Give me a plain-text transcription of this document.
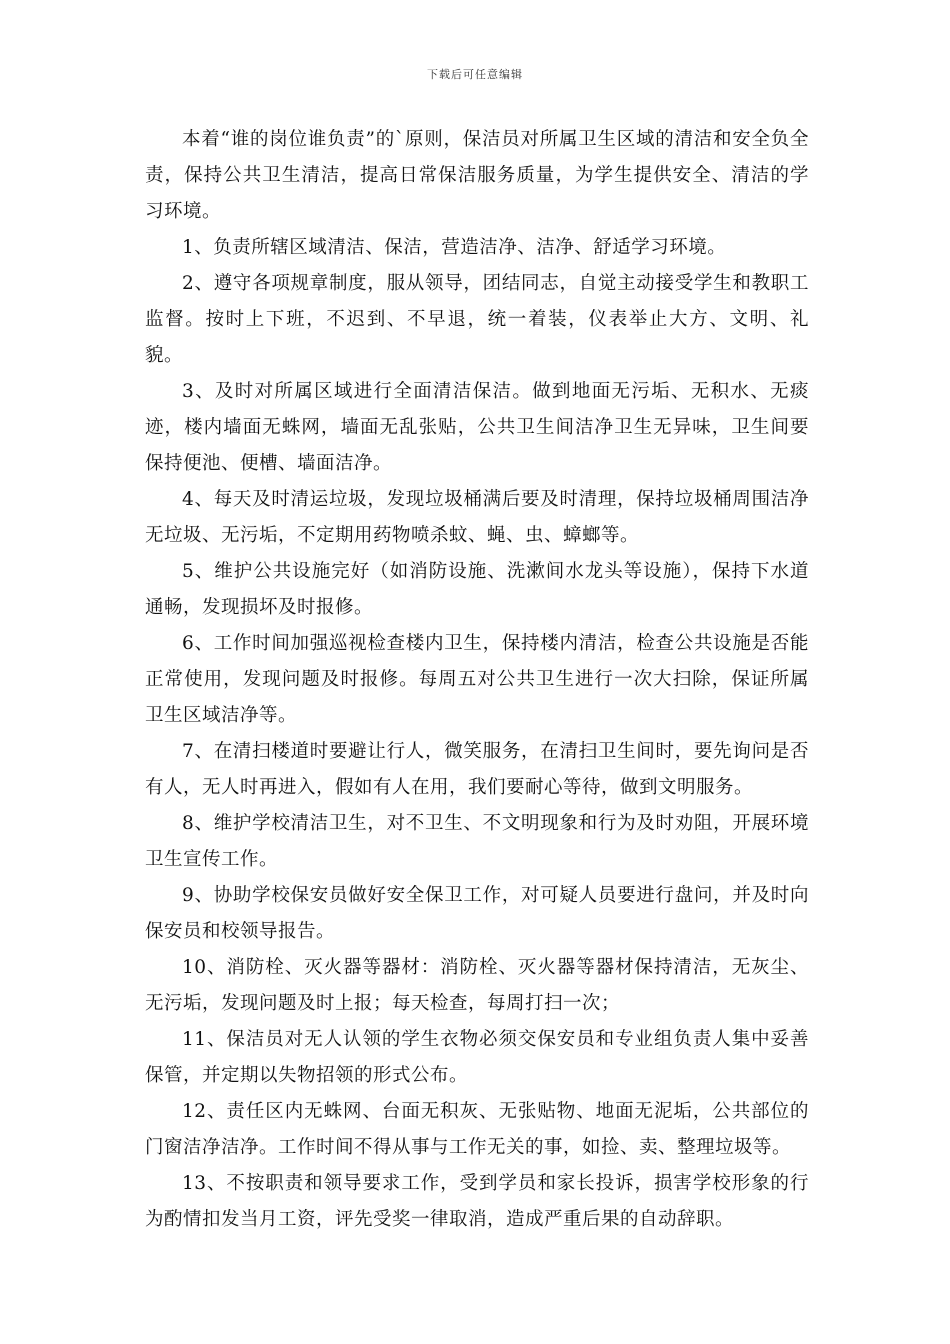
下载后可任意编辑

本着“谁的岗位谁负责”的`原则，保洁员对所属卫生区域的清洁和安全负全责，保持公共卫生清洁，提高日常保洁服务质量，为学生提供安全、清洁的学习环境。

1、负责所辖区域清洁、保洁，营造洁净、洁净、舒适学习环境。

2、遵守各项规章制度，服从领导，团结同志，自觉主动接受学生和教职工监督。按时上下班，不迟到、不早退，统一着装，仪表举止大方、文明、礼貌。

3、及时对所属区域进行全面清洁保洁。做到地面无污垢、无积水、无痰迹，楼内墙面无蛛网，墙面无乱张贴，公共卫生间洁净卫生无异味，卫生间要保持便池、便槽、墙面洁净。

4、每天及时清运垃圾，发现垃圾桶满后要及时清理，保持垃圾桶周围洁净无垃圾、无污垢，不定期用药物喷杀蚊、蝇、虫、蟑螂等。

5、维护公共设施完好（如消防设施、洗漱间水龙头等设施），保持下水道通畅，发现损坏及时报修。

6、工作时间加强巡视检查楼内卫生，保持楼内清洁，检查公共设施是否能正常使用，发现问题及时报修。每周五对公共卫生进行一次大扫除，保证所属卫生区域洁净等。

7、在清扫楼道时要避让行人，微笑服务，在清扫卫生间时，要先询问是否有人，无人时再进入，假如有人在用，我们要耐心等待，做到文明服务。

8、维护学校清洁卫生，对不卫生、不文明现象和行为及时劝阻，开展环境卫生宣传工作。

9、协助学校保安员做好安全保卫工作，对可疑人员要进行盘问，并及时向保安员和校领导报告。

10、消防栓、灭火器等器材：消防栓、灭火器等器材保持清洁，无灰尘、无污垢，发现问题及时上报；每天检查，每周打扫一次；

11、保洁员对无人认领的学生衣物必须交保安员和专业组负责人集中妥善保管，并定期以失物招领的形式公布。

12、责任区内无蛛网、台面无积灰、无张贴物、地面无泥垢，公共部位的门窗洁净洁净。工作时间不得从事与工作无关的事，如捡、卖、整理垃圾等。

13、不按职责和领导要求工作，受到学员和家长投诉，损害学校形象的行为酌情扣发当月工资，评先受奖一律取消，造成严重后果的自动辞职。
